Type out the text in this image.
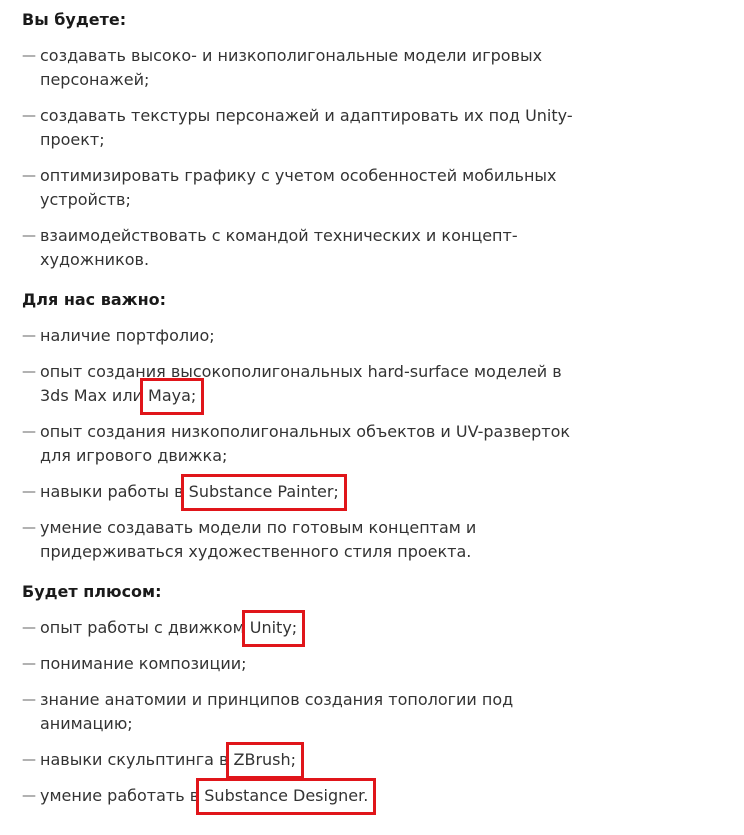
Вы будете:
— создавать высоко- и низкополигональные модели игровых персонажей;
— создавать текстуры персонажей и адаптировать их под Unity-проект;
— оптимизировать графику с учетом особенностей мобильных устройств;
— взаимодействовать с командой технических и концепт-художников.
Для нас важно:
— наличие портфолио;
— опыт создания высокополигональных hard-surface моделей в 3ds Max или Maya;
— опыт создания низкополигональных объектов и UV-разверток для игрового движка;
— навыки работы в Substance Painter;
— умение создавать модели по готовым концептам и придерживаться художественного стиля проекта.
Будет плюсом:
— опыт работы с движком Unity;
— понимание композиции;
— знание анатомии и принципов создания топологии под анимацию;
— навыки скульптинга в ZBrush;
— умение работать в Substance Designer.
